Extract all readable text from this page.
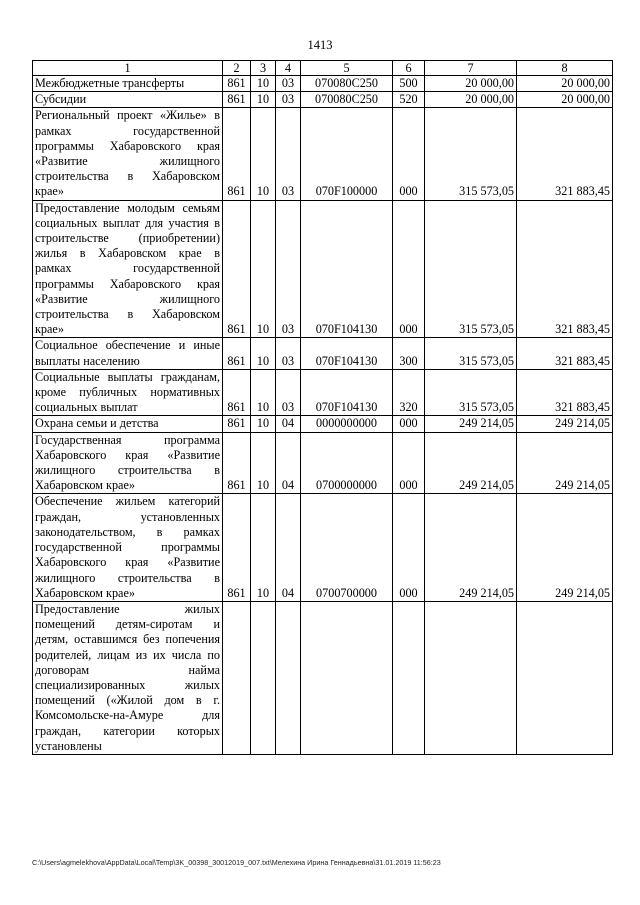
1413
1	2	3	4	5	6	7	8
Межбюджетные трансферты	861	10	03	070080С250	500	20 000,00	20 000,00
Субсидии	861	10	03	070080С250	520	20 000,00	20 000,00
Региональный проект «Жилье» в рамках государственной программы Хабаровского края «Развитие жилищного строительства в Хабаровском крае»	861	10	03	070F100000	000	315 573,05	321 883,45
Предоставление молодым семьям социальных выплат для участия в строительстве (приобретении) жилья в Хабаровском крае в рамках государственной программы Хабаровского края «Развитие жилищного строительства в Хабаровском крае»	861	10	03	070F104130	000	315 573,05	321 883,45
Социальное обеспечение и иные выплаты населению	861	10	03	070F104130	300	315 573,05	321 883,45
Социальные выплаты гражданам, кроме публичных нормативных социальных выплат	861	10	03	070F104130	320	315 573,05	321 883,45
Охрана семьи и детства	861	10	04	0000000000	000	249 214,05	249 214,05
Государственная программа Хабаровского края «Развитие жилищного строительства в Хабаровском крае»	861	10	04	0700000000	000	249 214,05	249 214,05
Обеспечение жильем категорий граждан, установленных законодательством, в рамках государственной программы Хабаровского края «Развитие жилищного строительства в Хабаровском крае»	861	10	04	0700700000	000	249 214,05	249 214,05
Предоставление жилых помещений детям-сиротам и детям, оставшимся без попечения родителей, лицам из их числа по договорам найма специализированных жилых помещений («Жилой дом в г. Комсомольске-на-Амуре для граждан, категории которых установлены							
C:\Users\agmelekhova\AppData\Local\Temp\3K_00398_30012019_007.txt\Мелехина Ирина Геннадьевна\31.01.2019 11:56:23
